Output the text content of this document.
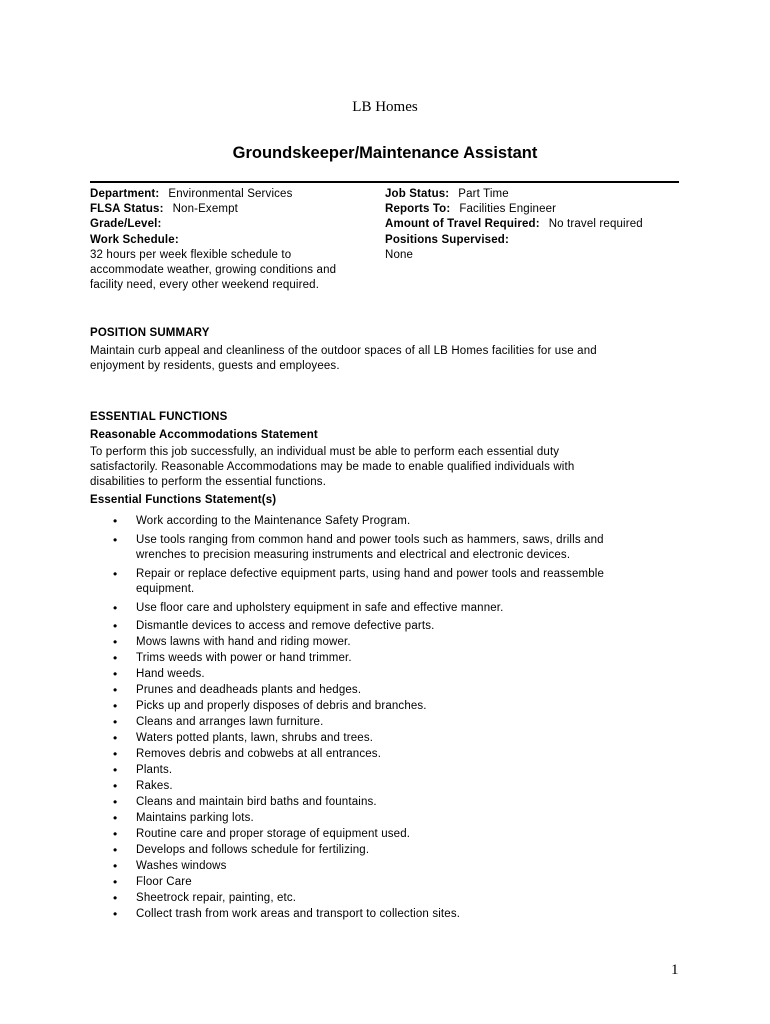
LB Homes
Groundskeeper/Maintenance Assistant
Department: Environmental Services
FLSA Status: Non-Exempt
Grade/Level:
Work Schedule:
32 hours per week flexible schedule to
accommodate weather, growing conditions and
facility need, every other weekend required.
Job Status: Part Time
Reports To: Facilities Engineer
Amount of Travel Required: No travel required
Positions Supervised:
None
POSITION SUMMARY
Maintain curb appeal and cleanliness of the outdoor spaces of all LB Homes facilities for use and
enjoyment by residents, guests and employees.
ESSENTIAL FUNCTIONS
Reasonable Accommodations Statement
To perform this job successfully, an individual must be able to perform each essential duty
satisfactorily. Reasonable Accommodations may be made to enable qualified individuals with
disabilities to perform the essential functions.
Essential Functions Statement(s)
• Work according to the Maintenance Safety Program.
• Use tools ranging from common hand and power tools such as hammers, saws, drills and
wrenches to precision measuring instruments and electrical and electronic devices.
• Repair or replace defective equipment parts, using hand and power tools and reassemble
equipment.
• Use floor care and upholstery equipment in safe and effective manner.
• Dismantle devices to access and remove defective parts.
• Mows lawns with hand and riding mower.
• Trims weeds with power or hand trimmer.
• Hand weeds.
• Prunes and deadheads plants and hedges.
• Picks up and properly disposes of debris and branches.
• Cleans and arranges lawn furniture.
• Waters potted plants, lawn, shrubs and trees.
• Removes debris and cobwebs at all entrances.
• Plants.
• Rakes.
• Cleans and maintain bird baths and fountains.
• Maintains parking lots.
• Routine care and proper storage of equipment used.
• Develops and follows schedule for fertilizing.
• Washes windows
• Floor Care
• Sheetrock repair, painting, etc.
• Collect trash from work areas and transport to collection sites.
1
